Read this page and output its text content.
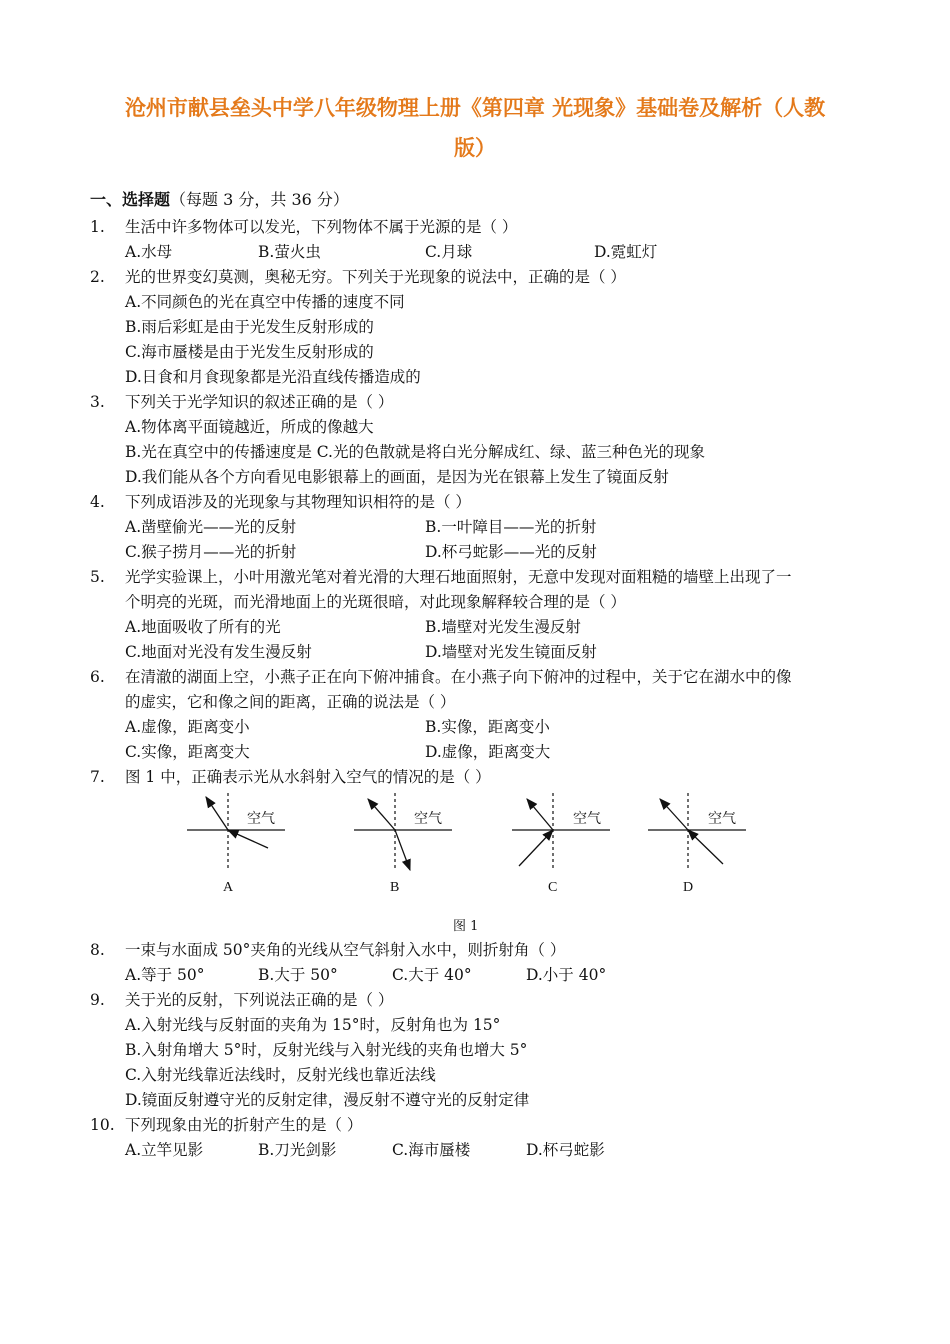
沧州市献县垒头中学八年级物理上册《第四章 光现象》基础卷及解析（人教
版）
一、选择题（每题 3 分，共 36 分）
1. 生活中许多物体可以发光，下列物体不属于光源的是（ ）
A.水母	B.萤火虫	C.月球	D.霓虹灯
2. 光的世界变幻莫测，奥秘无穷。下列关于光现象的说法中，正确的是（ ）
A.不同颜色的光在真空中传播的速度不同
B.雨后彩虹是由于光发生反射形成的
C.海市蜃楼是由于光发生反射形成的
D.日食和月食现象都是光沿直线传播造成的
3. 下列关于光学知识的叙述正确的是（ ）
A.物体离平面镜越近，所成的像越大
B.光在真空中的传播速度是 C.光的色散就是将白光分解成红、绿、蓝三种色光的现象
D.我们能从各个方向看见电影银幕上的画面，是因为光在银幕上发生了镜面反射
4. 下列成语涉及的光现象与其物理知识相符的是（ ）
A.凿壁偷光——光的反射	B.一叶障目——光的折射
C.猴子捞月——光的折射	D.杯弓蛇影——光的反射
5. 光学实验课上，小叶用激光笔对着光滑的大理石地面照射，无意中发现对面粗糙的墙壁上出现了一
个明亮的光斑，而光滑地面上的光斑很暗，对此现象解释较合理的是（ ）
A.地面吸收了所有的光	B.墙壁对光发生漫反射
C.地面对光没有发生漫反射	D.墙壁对光发生镜面反射
6. 在清澈的湖面上空，小燕子正在向下俯冲捕食。在小燕子向下俯冲的过程中，关于它在湖水中的像
的虚实，它和像之间的距离，正确的说法是（ ）
A.虚像，距离变小	B.实像，距离变小
C.实像，距离变大	D.虚像，距离变大
7. 图 1 中，正确表示光从水斜射入空气的情况的是（ ）
空气	空气	空气	空气
A	B	C	D
图 1
8. 一束与水面成 50°夹角的光线从空气斜射入水中，则折射角（ ）
A.等于 50°	B.大于 50°	C.大于 40°	D.小于 40°
9. 关于光的反射，下列说法正确的是（ ）
A.入射光线与反射面的夹角为 15°时，反射角也为 15°
B.入射角增大 5°时，反射光线与入射光线的夹角也增大 5°
C.入射光线靠近法线时，反射光线也靠近法线
D.镜面反射遵守光的反射定律，漫反射不遵守光的反射定律
10. 下列现象由光的折射产生的是（ ）
A.立竿见影	B.刀光剑影	C.海市蜃楼	D.杯弓蛇影
